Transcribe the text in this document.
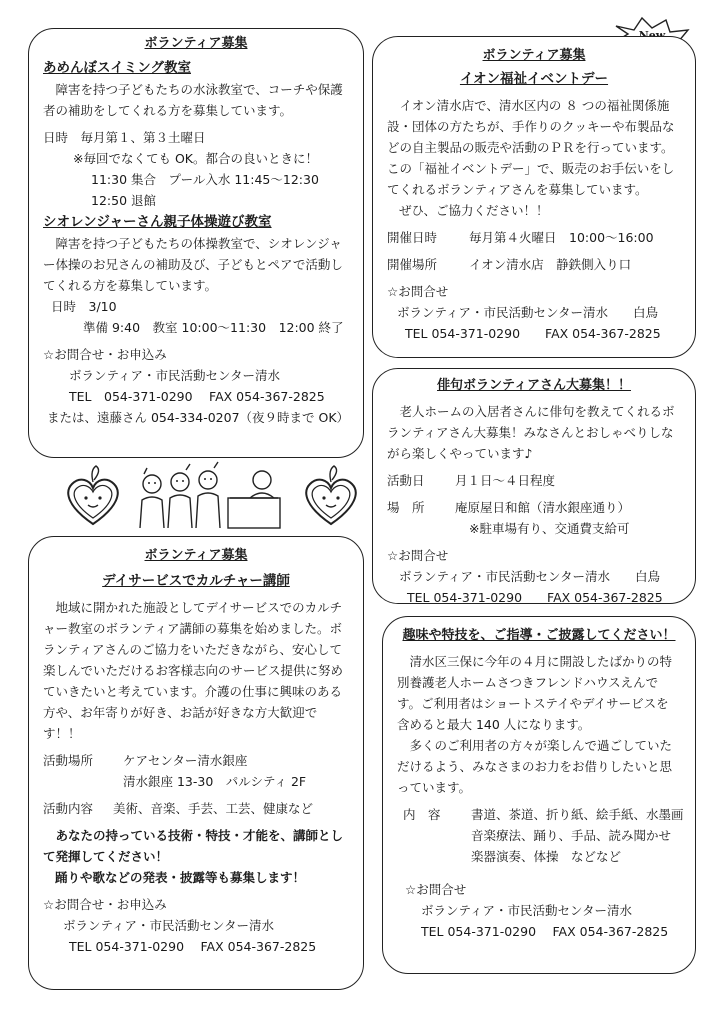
ボランティア募集
あめんぼスイミング教室

障害を持つ子どもたちの水泳教室で、コーチや保護者の補助をしてくれる方を募集しています。

日時　毎月第１、第３土曜日

※毎回でなくても OK。都合の良いときに！

11:30 集合　プール入水 11:45～12:30

12:50 退館

シオレンジャーさん親子体操遊び教室

障害を持つ子どもたちの体操教室で、シオレンジャー体操のお兄さんの補助及び、子どもとペアで活動してくれる方を募集しています。

日時　3/10

準備 9:40　教室 10:00～11:30　12:00 終了

☆お問合せ・お申込み

ボランティア・市民活動センター清水

TEL　054-371-0290　 FAX 054-367-2825

または、遠藤さん 054-334-0207（夜９時まで OK）

ボランティア募集
デイサービスでカルチャー講師

地域に開かれた施設としてデイサービスでのカルチャー教室のボランティア講師の募集を始めました。ボランティアさんのご協力をいただきながら、安心して楽しんでいただけるお客様志向のサービス提供に努めていきたいと考えています。介護の仕事に興味のある方や、お年寄りが好き、お話が好きな方大歓迎です！！

活動場所	ケアセンター清水銀座
清水銀座 13-30　パルシティ 2F
活動内容	美術、音楽、手芸、工芸、健康など

あなたの持っている技術・特技・才能を、講師として発揮してください！

踊りや歌などの発表・披露等も募集します！

☆お問合せ・お申込み

ボランティア・市民活動センター清水

TEL 054-371-0290　 FAX 054-367-2825

ボランティア募集
イオン福祉イベントデー

イオン清水店で、清水区内の ８ つの福祉関係施設・団体の方たちが、手作りのクッキーや布製品などの自主製品の販売や活動のＰＲを行っています。この「福祉イベントデー」で、販売のお手伝いをしてくれるボランティアさんを募集しています。

ぜひ、ご協力ください！！

開催日時	毎月第４火曜日　10:00～16:00
開催場所	イオン清水店　静鉄側入り口

☆お問合せ

ボランティア・市民活動センター清水　　白鳥

TEL 054-371-0290　　FAX 054-367-2825

俳句ボランティアさん大募集！！

老人ホームの入居者さんに俳句を教えてくれるボランティアさん大募集！みなさんとおしゃべりしながら楽しくやっています♪

活動日	月１日～４日程度
場　所	庵原屋日和館（清水銀座通り）
※駐車場有り、交通費支給可

☆お問合せ

ボランティア・市民活動センター清水　　白鳥

TEL 054-371-0290　　FAX 054-367-2825

趣味や特技を、ご指導・ご披露してください！

清水区三保に今年の４月に開設したばかりの特別養護老人ホームさつきフレンドハウスえんです。ご利用者はショートステイやデイサービスを含めると最大 140 人になります。

多くのご利用者の方々が楽しんで過ごしていただけるよう、みなさまのお力をお借りしたいと思っています。

内　容	書道、茶道、折り紙、絵手紙、水墨画
音楽療法、踊り、手品、読み聞かせ
楽器演奏、体操　などなど

☆お問合せ

ボランティア・市民活動センター清水

TEL 054-371-0290　 FAX 054-367-2825
